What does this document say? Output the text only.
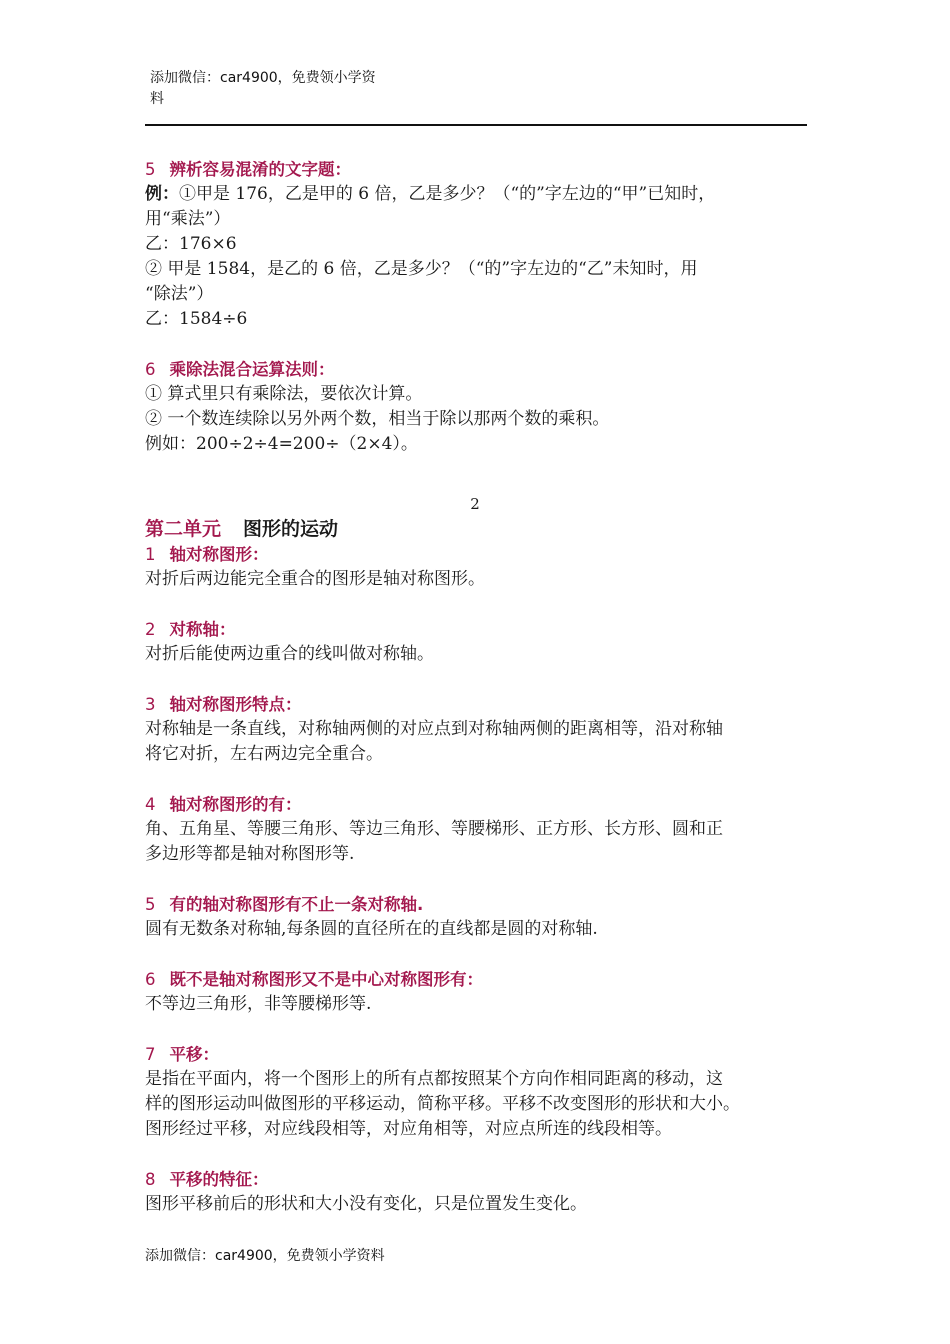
添加微信：car4900，免费领小学资
料
5 辨析容易混淆的文字题：
例：①甲是 176，乙是甲的 6 倍，乙是多少？（“的”字左边的“甲”已知时，
用“乘法”）
乙：176×6
② 甲是 1584，是乙的 6 倍，乙是多少？（“的”字左边的“乙”未知时，用
“除法”）
乙：1584÷6
6 乘除法混合运算法则：
① 算式里只有乘除法，要依次计算。
② 一个数连续除以另外两个数，相当于除以那两个数的乘积。
例如：200÷2÷4=200÷（2×4）。
2
第二单元 图形的运动
1 轴对称图形：
对折后两边能完全重合的图形是轴对称图形。
2 对称轴：
对折后能使两边重合的线叫做对称轴。
3 轴对称图形特点：
对称轴是一条直线，对称轴两侧的对应点到对称轴两侧的距离相等，沿对称轴
将它对折，左右两边完全重合。
4 轴对称图形的有：
角、五角星、等腰三角形、等边三角形、等腰梯形、正方形、长方形、圆和正
多边形等都是轴对称图形等.
5 有的轴对称图形有不止一条对称轴.
圆有无数条对称轴,每条圆的直径所在的直线都是圆的对称轴.
6 既不是轴对称图形又不是中心对称图形有：
不等边三角形，非等腰梯形等.
7 平移：
是指在平面内，将一个图形上的所有点都按照某个方向作相同距离的移动，这
样的图形运动叫做图形的平移运动，简称平移。平移不改变图形的形状和大小。
图形经过平移，对应线段相等，对应角相等，对应点所连的线段相等。
8 平移的特征：
图形平移前后的形状和大小没有变化，只是位置发生变化。
添加微信：car4900，免费领小学资料
